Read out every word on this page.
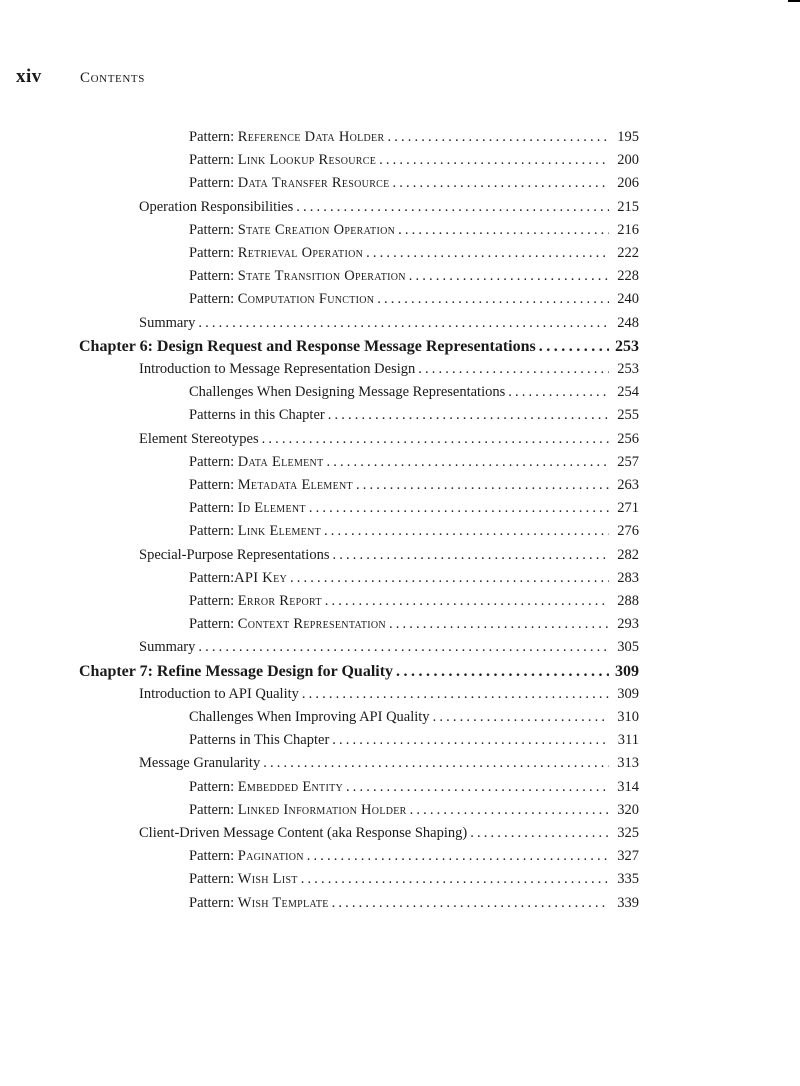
xiv	Contents
Pattern: Reference Data Holder . . .	195
Pattern: Link Lookup Resource . . .	200
Pattern: Data Transfer Resource . . .	206
Operation Responsibilities . . .	215
Pattern: State Creation Operation . . .	216
Pattern: Retrieval Operation . . .	222
Pattern: State Transition Operation . . .	228
Pattern: Computation Function . . .	240
Summary . . .	248
Chapter 6: Design Request and Response Message Representations . . .	253
Introduction to Message Representation Design . . .	253
Challenges When Designing Message Representations . . .	254
Patterns in this Chapter . . .	255
Element Stereotypes . . .	256
Pattern: Data Element . . .	257
Pattern: Metadata Element . . .	263
Pattern: Id Element . . .	271
Pattern: Link Element . . .	276
Special-Purpose Representations . . .	282
Pattern:API Key . . .	283
Pattern: Error Report . . .	288
Pattern: Context Representation . . .	293
Summary . . .	305
Chapter 7: Refine Message Design for Quality . . .	309
Introduction to API Quality . . .	309
Challenges When Improving API Quality . . .	310
Patterns in This Chapter . . .	311
Message Granularity . . .	313
Pattern: Embedded Entity . . .	314
Pattern: Linked Information Holder . . .	320
Client-Driven Message Content (aka Response Shaping) . . .	325
Pattern: Pagination . . .	327
Pattern: Wish List . . .	335
Pattern: Wish Template . . .	339
